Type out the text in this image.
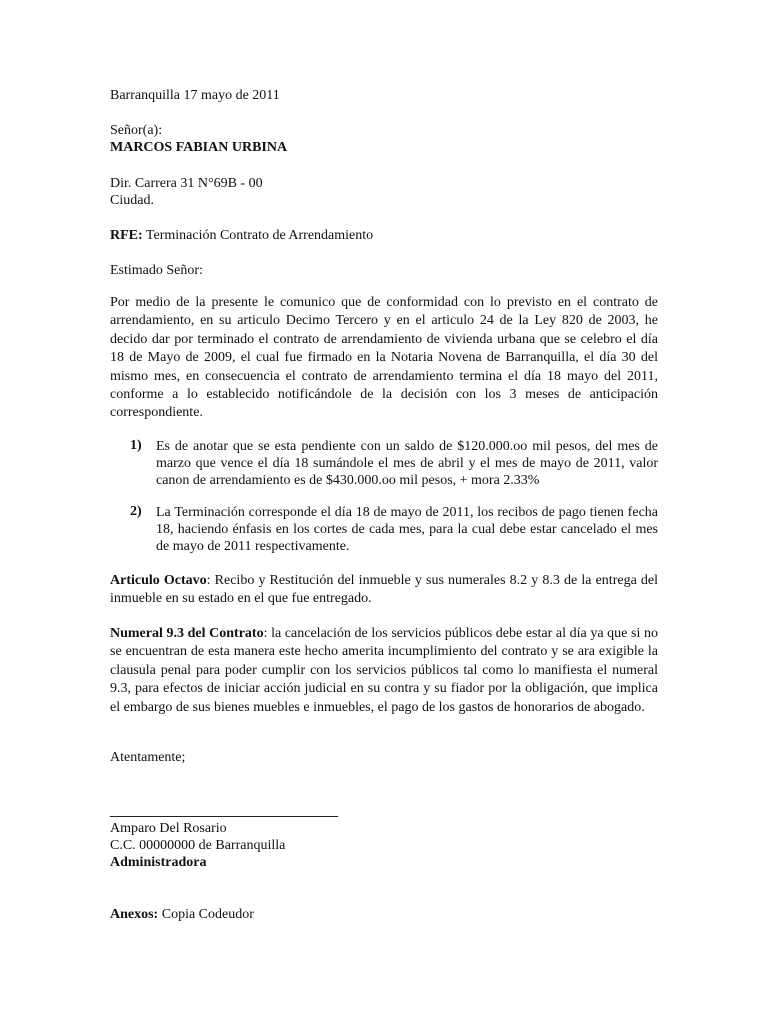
Barranquilla 17 mayo de 2011
Señor(a):
MARCOS FABIAN URBINA
Dir. Carrera 31 N°69B - 00
Ciudad.
RFE: Terminación Contrato de Arrendamiento
Estimado Señor:

Por medio de la presente le comunico que de conformidad con lo previsto en el contrato de arrendamiento, en su articulo Decimo Tercero y en el articulo 24 de la Ley 820 de 2003, he decido dar por terminado el contrato de arrendamiento de vivienda urbana que se celebro el día 18 de Mayo de 2009, el cual fue firmado en la Notaria Novena de Barranquilla, el día 30 del mismo mes, en consecuencia el contrato de arrendamiento termina el día 18 mayo del 2011, conforme a lo establecido notificándole de la decisión con los 3 meses de anticipación correspondiente.

1) Es de anotar que se esta pendiente con un saldo de $120.000.oo mil pesos, del mes de marzo que vence el día 18 sumándole el mes de abril y el mes de mayo de 2011, valor canon de arrendamiento es de $430.000.oo mil pesos, + mora 2.33%

2) La Terminación corresponde el día 18 de mayo de 2011, los recibos de pago tienen fecha 18, haciendo énfasis en los cortes de cada mes, para la cual debe estar cancelado el mes de mayo de 2011 respectivamente.

Articulo Octavo: Recibo y Restitución del inmueble y sus numerales 8.2 y 8.3 de la entrega del inmueble en su estado en el que fue entregado.

Numeral 9.3 del Contrato: la cancelación de los servicios públicos debe estar al día ya que si no se encuentran de esta manera este hecho amerita incumplimiento del contrato y se ara exigible la clausula penal para poder cumplir con los servicios públicos tal como lo manifiesta el numeral 9.3, para efectos de iniciar acción judicial en su contra y su fiador por la obligación, que implica el embargo de sus bienes muebles e inmuebles, el pago de los gastos de honorarios de abogado.

Atentamente;
Amparo Del Rosario
C.C. 00000000 de Barranquilla
Administradora
Anexos: Copia Codeudor
